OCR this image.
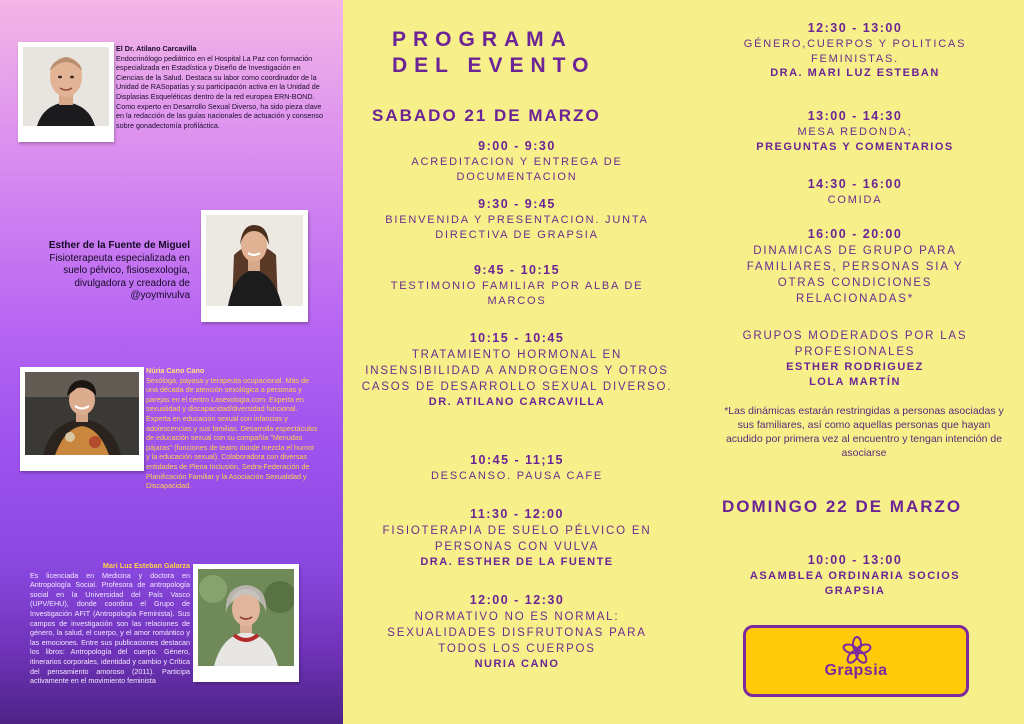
El Dr. Atilano Carcavilla
Endocrinólogo pediátrico en el Hospital La Paz con formación especializada en Estadística y Diseño de Investigación en Ciencias de la Salud. Destaca su labor como coordinador de la Unidad de RASopatías y su participación activa en la Unidad de Displasias Esqueléticas dentro de la red europea ERN-BOND. Como experto en Desarrollo Sexual Diverso, ha sido pieza clave en la redacción de las guías nacionales de actuación y consenso sobre gonadectomía profiláctica.
Esther de la Fuente de Miguel
Fisioterapeuta especializada en suelo pélvico, fisiosexología, divulgadora y creadora de @yoymivulva
Núria Cano Cano
Sexóloga, payasa y terapeuta ocupacional. Más de una década de atención sexológica a personas y parejas en el centro Lasexologia.com. Experta en sexualidad y discapacidad/diversidad funcional. Experta en educación sexual con infancias y adolescencias y sus familias. Desarrolla espectáculos de educación sexual con su compañía "Menudas pájaras" (funciones de teatro donde mezcla el humor y la educación sexual). Colaboradora con diversas entidades de Plena Inclusión, Sedra-Federación de Planificación Familiar y la Asociación Sexualidad y Discapacidad.
Mari Luz Esteban Galarza
Es licenciada en Medicina y doctora en Antropología Social. Profesora de antropología social en la Universidad del País Vasco (UPV/EHU), donde coordina el Grupo de Investigación AFIT (Antropología Feminista). Sus campos de investigación son las relaciones de género, la salud, el cuerpo, y el amor romántico y las emociones. Entre sus publicaciones destacan los libros: Antropología del cuerpo. Género, itinerarios corporales, identidad y cambio y Crítica del pensamiento amoroso (2011). Participa activamente en el movimiento feminista
PROGRAMA
DEL EVENTO
SABADO 21 DE MARZO
9:00 - 9:30
ACREDITACION Y ENTREGA DE DOCUMENTACION
9:30 - 9:45
BIENVENIDA Y PRESENTACION. JUNTA DIRECTIVA DE GRAPSIA
9:45 - 10:15
TESTIMONIO FAMILIAR POR ALBA DE MARCOS
10:15 - 10:45
TRATAMIENTO HORMONAL EN INSENSIBILIDAD A ANDROGENOS Y OTROS CASOS DE DESARROLLO SEXUAL DIVERSO.
DR. ATILANO CARCAVILLA
10:45 - 11;15
DESCANSO. PAUSA CAFE
11:30 - 12:00
FISIOTERAPIA DE SUELO PÉLVICO EN PERSONAS CON VULVA
DRA. ESTHER DE LA FUENTE
12:00 - 12:30
NORMATIVO NO ES NORMAL: SEXUALIDADES DISFRUTONAS PARA TODOS LOS CUERPOS
NURIA CANO
12:30 - 13:00
GÉNERO,CUERPOS Y POLITICAS FEMINISTAS.
DRA. MARI LUZ ESTEBAN
13:00 - 14:30
MESA REDONDA;
PREGUNTAS Y COMENTARIOS
14:30 - 16:00
COMIDA
16:00 - 20:00
DINAMICAS DE GRUPO PARA FAMILIARES, PERSONAS SIA Y OTRAS CONDICIONES RELACIONADAS*
GRUPOS MODERADOS POR LAS PROFESIONALES
ESTHER RODRIGUEZ
LOLA MARTÍN
10:00 - 13:00
ASAMBLEA ORDINARIA SOCIOS
GRAPSIA
*Las dinámicas estarán restringidas a personas asociadas y sus familiares, así como aquellas personas que hayan acudido por primera vez al encuentro y tengan intención de asociarse
DOMINGO 22 DE MARZO
Grapsia
